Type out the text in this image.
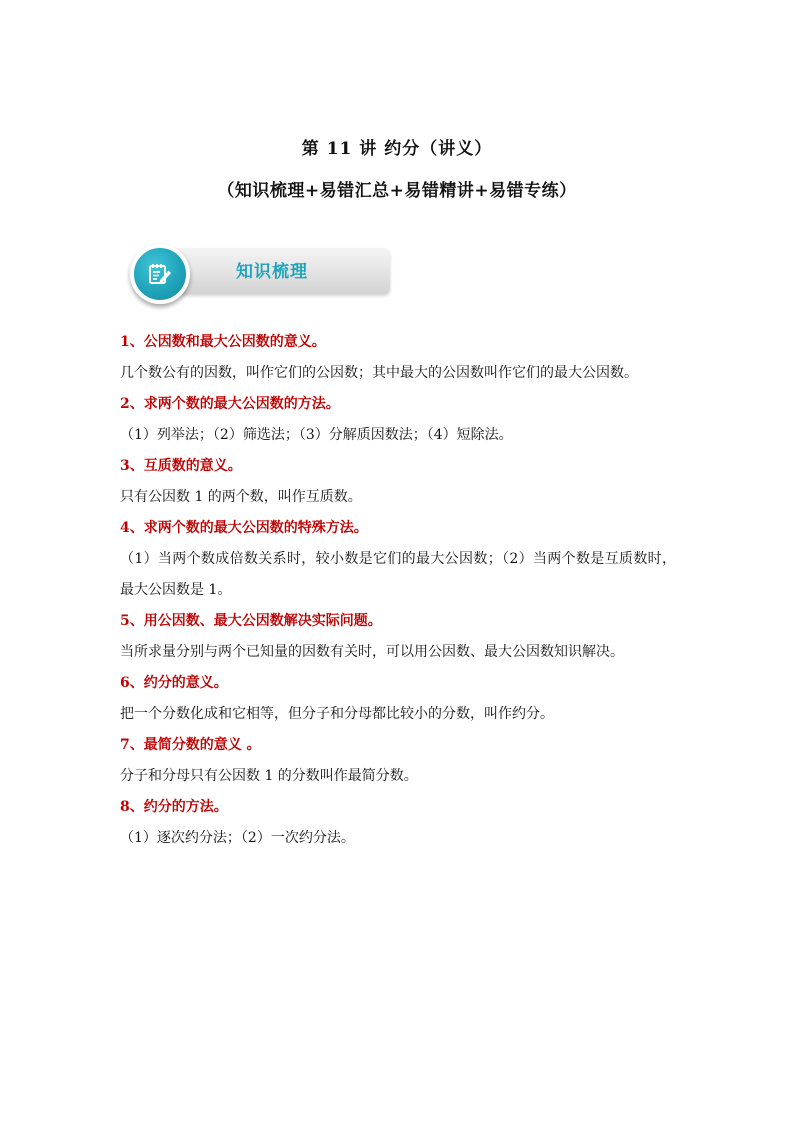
第 11 讲 约分（讲义）
（知识梳理+易错汇总+易错精讲+易错专练）
知识梳理

1、公因数和最大公因数的意义。

几个数公有的因数，叫作它们的公因数；其中最大的公因数叫作它们的最大公因数。

2、求两个数的最大公因数的方法。

（1）列举法；（2）筛选法；（3）分解质因数法；（4）短除法。

3、互质数的意义。

只有公因数 1 的两个数，叫作互质数。

4、求两个数的最大公因数的特殊方法。

（1）当两个数成倍数关系时，较小数是它们的最大公因数；（2）当两个数是互质数时，最大公因数是 1。

5、用公因数、最大公因数解决实际问题。

当所求量分别与两个已知量的因数有关时，可以用公因数、最大公因数知识解决。

6、约分的意义。

把一个分数化成和它相等，但分子和分母都比较小的分数，叫作约分。

7、最简分数的意义 。

分子和分母只有公因数 1 的分数叫作最简分数。

8、约分的方法。

（1）逐次约分法；（2）一次约分法。
